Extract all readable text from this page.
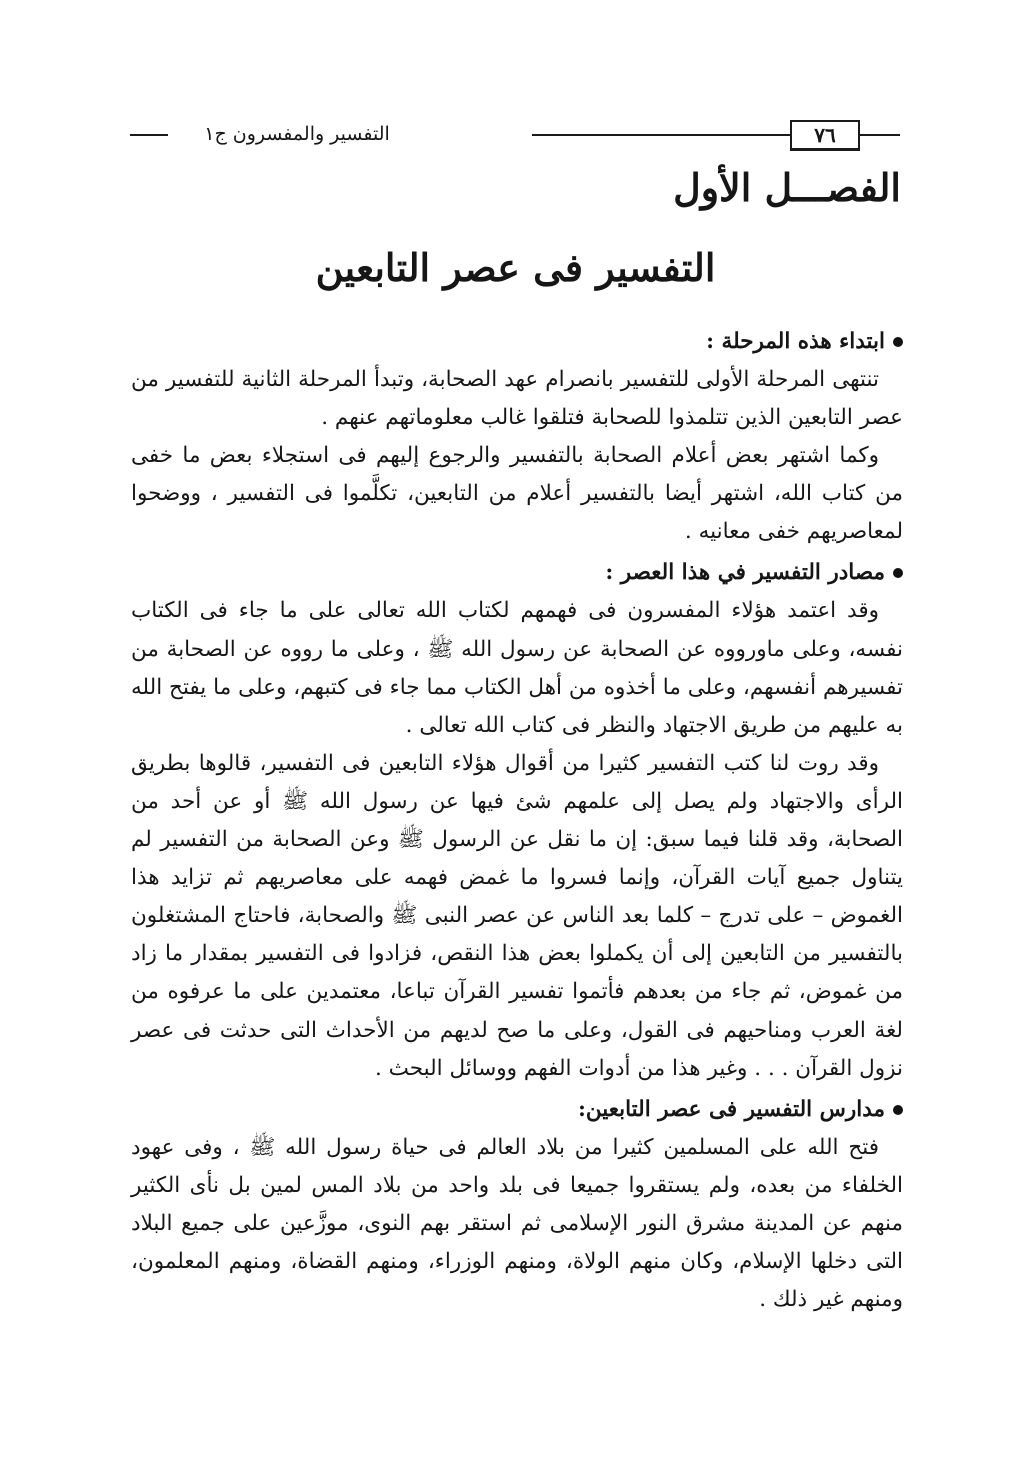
٧٦
التفسير والمفسرون ج١
الفصـــل الأول
التفسير فى عصر التابعين

ابتداء هذه المرحلة :

تنتهى المرحلة الأولى للتفسير بانصرام عهد الصحابة، وتبدأ المرحلة الثانية للتفسير من عصر التابعين الذين تتلمذوا للصحابة فتلقوا غالب معلوماتهم عنهم .

وكما اشتهر بعض أعلام الصحابة بالتفسير والرجوع إليهم فى استجلاء بعض ما خفى من كتاب الله، اشتهر أيضا بالتفسير أعلام من التابعين، تكلَّموا فى التفسير ، ووضحوا لمعاصريهم خفى معانيه .

مصادر التفسير في هذا العصر :

وقد اعتمد هؤلاء المفسرون فى فهمهم لكتاب الله تعالى على ما جاء فى الكتاب نفسه، وعلى ماورووه عن الصحابة عن رسول الله ﷺ ، وعلى ما رووه عن الصحابة من تفسيرهم أنفسهم، وعلى ما أخذوه من أهل الكتاب مما جاء فى كتبهم، وعلى ما يفتح الله به عليهم من طريق الاجتهاد والنظر فى كتاب الله تعالى .

وقد روت لنا كتب التفسير كثيرا من أقوال هؤلاء التابعين فى التفسير، قالوها بطريق الرأى والاجتهاد ولم يصل إلى علمهم شئ فيها عن رسول الله ﷺ أو عن أحد من الصحابة، وقد قلنا فيما سبق: إن ما نقل عن الرسول ﷺ وعن الصحابة من التفسير لم يتناول جميع آيات القرآن، وإنما فسروا ما غمض فهمه على معاصريهم ثم تزايد هذا الغموض – على تدرج – كلما بعد الناس عن عصر النبى ﷺ والصحابة، فاحتاج المشتغلون بالتفسير من التابعين إلى أن يكملوا بعض هذا النقص، فزادوا فى التفسير بمقدار ما زاد من غموض، ثم جاء من بعدهم فأتموا تفسير القرآن تباعا، معتمدين على ما عرفوه من لغة العرب ومناحيهم فى القول، وعلى ما صح لديهم من الأحداث التى حدثت فى عصر نزول القرآن . . . وغير هذا من أدوات الفهم ووسائل البحث .

مدارس التفسير فى عصر التابعين:

فتح الله على المسلمين كثيرا من بلاد العالم فى حياة رسول الله ﷺ ، وفى عهود الخلفاء من بعده، ولم يستقروا جميعا فى بلد واحد من بلاد المس لمين بل نأى الكثير منهم عن المدينة مشرق النور الإسلامى ثم استقر بهم النوى، موزَّعين على جميع البلاد التى دخلها الإسلام، وكان منهم الولاة، ومنهم الوزراء، ومنهم القضاة، ومنهم المعلمون، ومنهم غير ذلك .
